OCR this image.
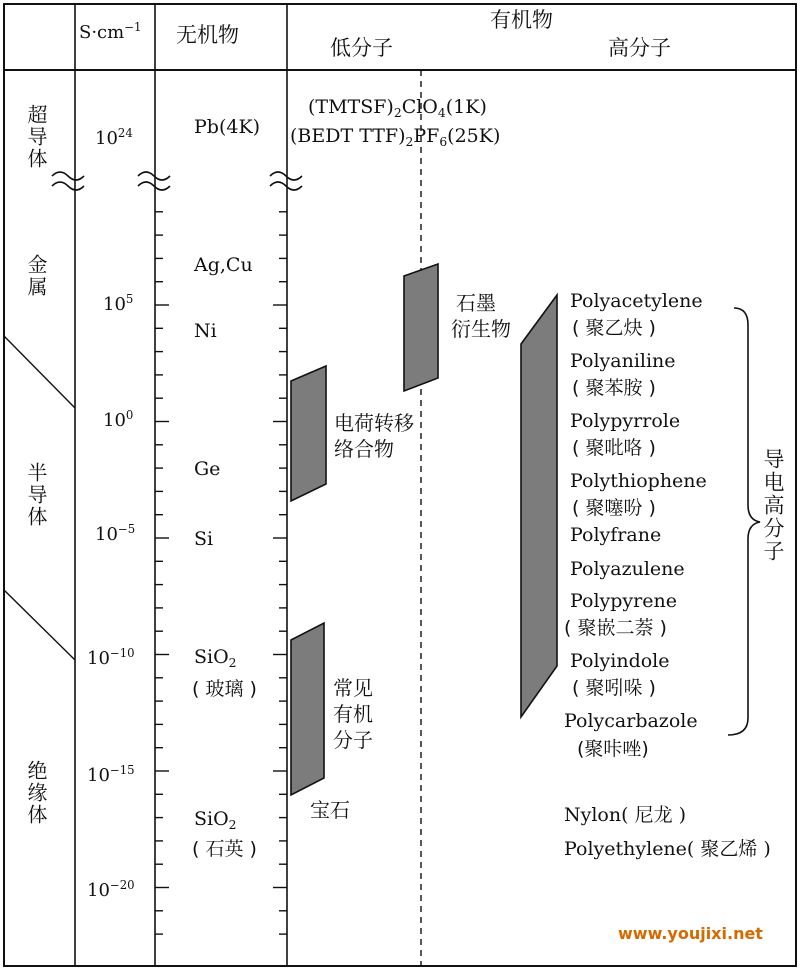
$S\cdot cm^{-1}$ 无机物
有机物
低分子	高分子
超导体
金属
半导体
绝缘体
$10^{24}$
$10^5$
$10^0$
$10^{-5}$
$10^{-10}$
$10^{-15}$
$10^{-20}$
Pb(4K)
Ag,Cu
Ni
Ge
Si
SiO$_2$
( 玻璃 )
SiO$_2$
( 石英 )
$(TMTSF)_2ClO_4(1K)$
(BEDT $TTF)_2PF_6(25K)$
电荷转移
络合物
石墨
衍生物
常见
有机
分子
宝石
Polyacetylene
( 聚乙炔 )
Polyaniline
( 聚苯胺 )
Polypyrrole
( 聚吡咯 )
Polythiophene
( 聚噻吩 )
Polyfrane
Polyazulene
Polypyrene
( 聚嵌二萘 )
Polyindole
( 聚吲哚 )
Polycarbazole
(聚咔唑)
Nylon( 尼龙 )
Polyethylene( 聚乙烯 )
导电高分子
www.youjixi.net
